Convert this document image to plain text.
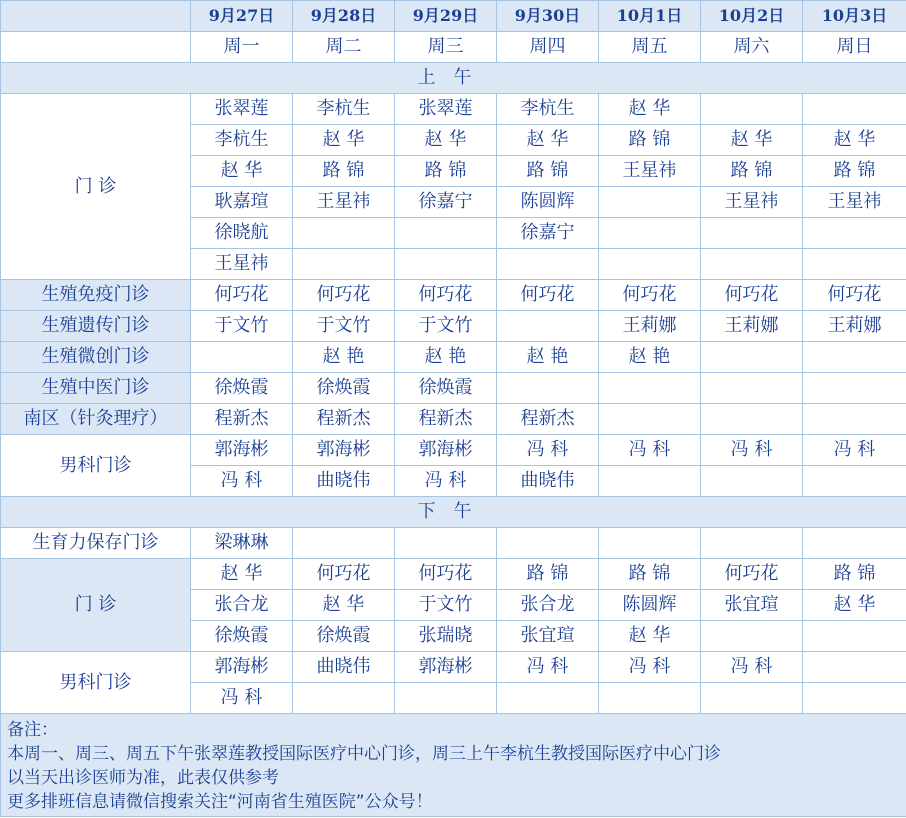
	9月27日	9月28日	9月29日	9月30日	10月1日	10月2日	10月3日
	周一	周二	周三	周四	周五	周六	周日
上午							
门 诊	张翠莲	李杭生	张翠莲	李杭生	赵 华		
	李杭生	赵 华	赵 华	赵 华	路 锦	赵 华	赵 华
	赵 华	路 锦	路 锦	路 锦	王星祎	路 锦	路 锦
	耿嘉瑄	王星祎	徐嘉宁	陈圆辉		王星祎	王星祎
	徐晓航			徐嘉宁			
	王星祎						
生殖免疫门诊	何巧花	何巧花	何巧花	何巧花	何巧花	何巧花	何巧花
生殖遗传门诊	于文竹	于文竹	于文竹		王莉娜	王莉娜	王莉娜
生殖微创门诊		赵 艳	赵 艳	赵 艳	赵 艳		
生殖中医门诊	徐焕霞	徐焕霞	徐焕霞				
南区（针灸理疗）	程新杰	程新杰	程新杰	程新杰			
男科门诊	郭海彬	郭海彬	郭海彬	冯 科	冯 科	冯 科	冯 科
	冯 科	曲晓伟	冯 科	曲晓伟			
下午							
生育力保存门诊	梁琳琳						
门 诊	赵 华	何巧花	何巧花	路 锦	路 锦	何巧花	路 锦
	张合龙	赵 华	于文竹	张合龙	陈圆辉	张宜瑄	赵 华
	徐焕霞	徐焕霞	张瑞晓	张宜瑄	赵 华		
男科门诊	郭海彬	曲晓伟	郭海彬	冯 科	冯 科	冯 科	
	冯 科						

备注：
本周一、周三、周五下午张翠莲教授国际医疗中心门诊，周三上午李杭生教授国际医疗中心门诊
以当天出诊医师为准，此表仅供参考
更多排班信息请微信搜索关注“河南省生殖医院”公众号！							
